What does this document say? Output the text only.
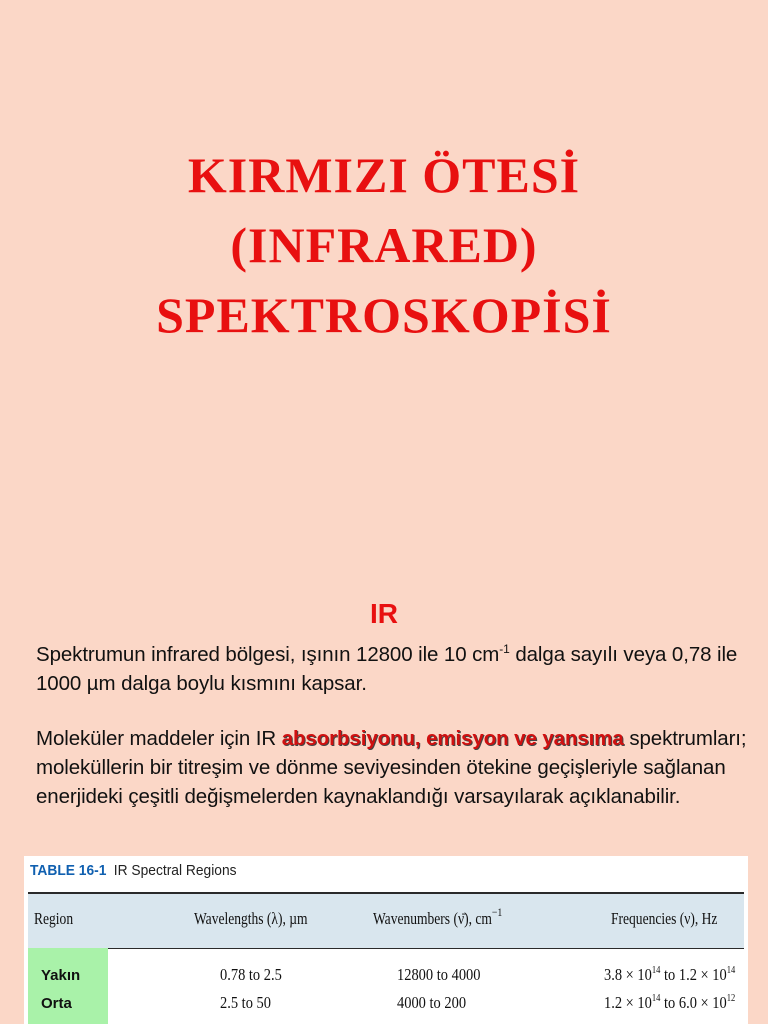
KIRMIZI ÖTESİ
(INFRARED)
SPEKTROSKOPİSİ
IR
Spektrumun infrared bölgesi, ışının 12800 ile 10 $cm^{-1}$ dalga sayılı veya 0,78 ile 1000 µm dalga boylu kısmını kapsar.
Moleküler maddeler için IR absorbsiyonu, emisyon ve yansıma spektrumları; moleküllerin bir titreşim ve dönme seviyesinden ötekine geçişleriyle sağlanan enerjideki çeşitli değişmelerden kaynaklandığı varsayılarak açıklanabilir.
TABLE 16-1 IR Spectral Regions
Region	Wavelengths (λ), µm	Wavenumbers (ν̄), $cm^{-1}$	Frequencies (ν), Hz
Yakın	0.78 to 2.5	12800 to 4000	$3.8 \times 10^{14}$ to $1.2 \times 10^{14}$
Orta	2.5 to 50	4000 to 200	$1.2 \times 10^{14}$ to $6.0 \times 10^{12}$
